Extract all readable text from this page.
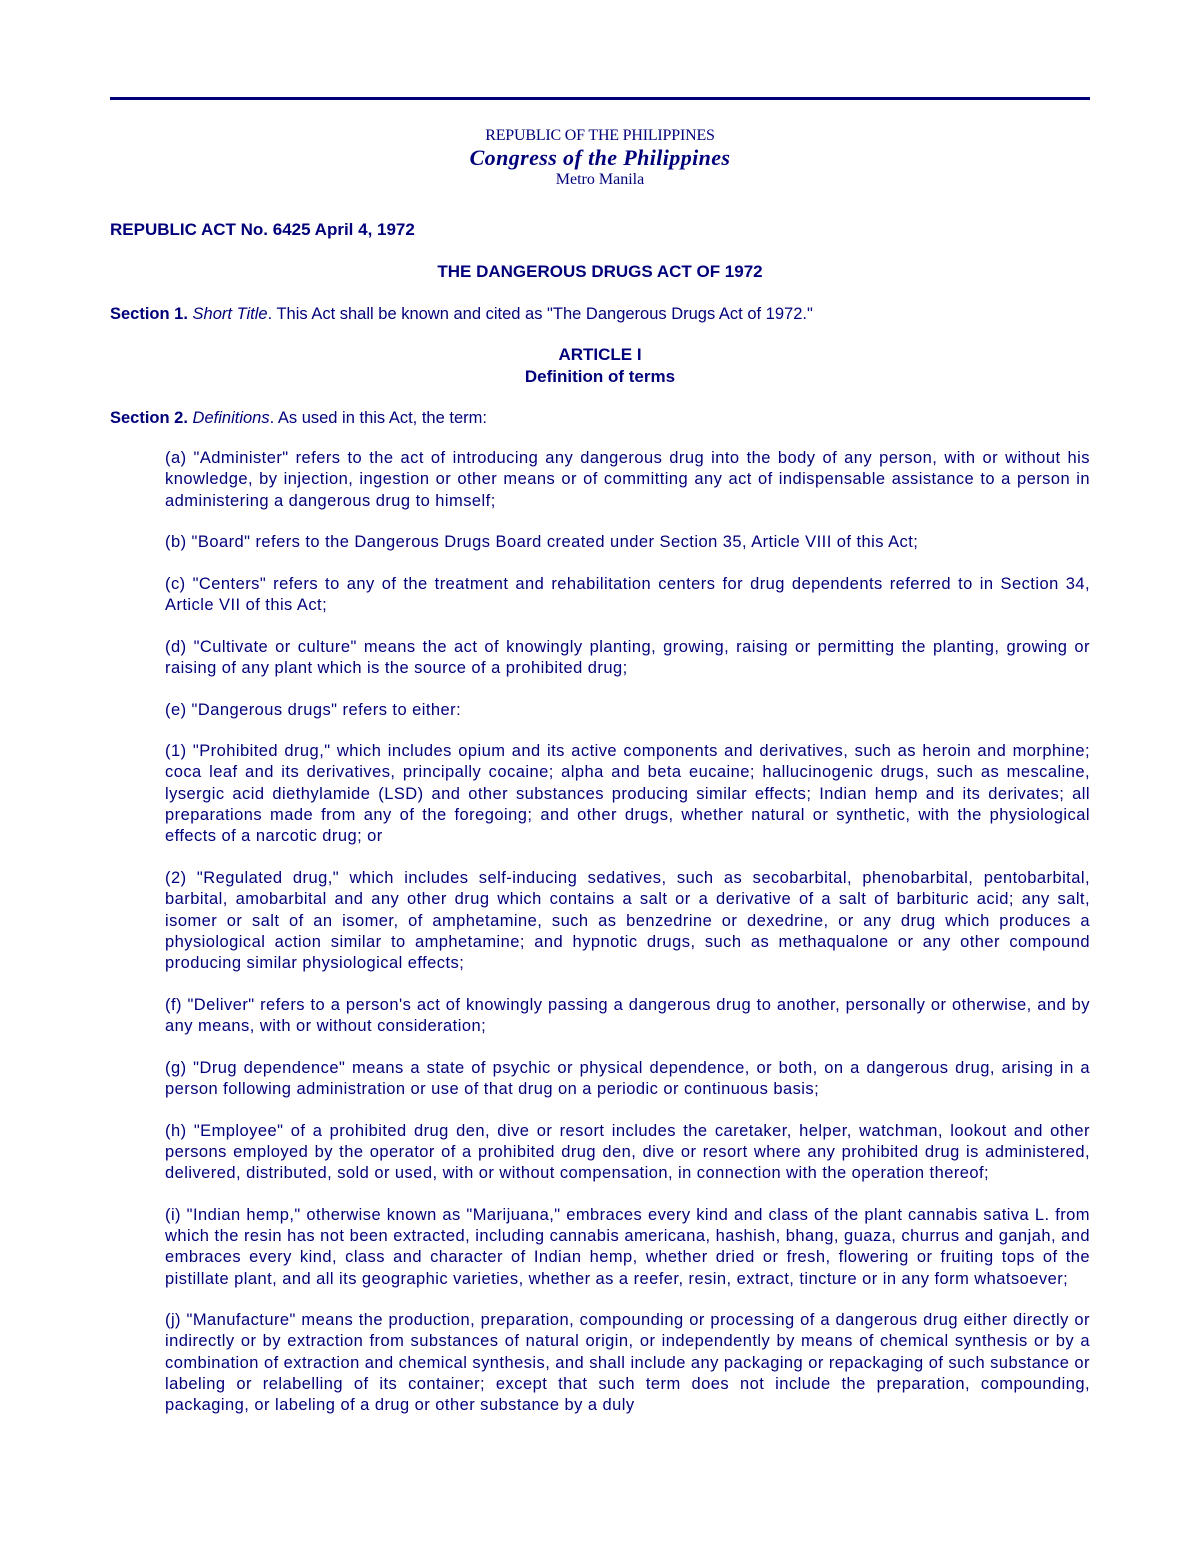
REPUBLIC OF THE PHILIPPINES
Congress of the Philippines
Metro Manila
REPUBLIC ACT No. 6425 April 4, 1972
THE DANGEROUS DRUGS ACT OF 1972
Section 1. Short Title. This Act shall be known and cited as "The Dangerous Drugs Act of 1972."
ARTICLE I
Definition of terms
Section 2. Definitions. As used in this Act, the term:

(a) "Administer" refers to the act of introducing any dangerous drug into the body of any person, with or without his knowledge, by injection, ingestion or other means or of committing any act of indispensable assistance to a person in administering a dangerous drug to himself;

(b) "Board" refers to the Dangerous Drugs Board created under Section 35, Article VIII of this Act;

(c) "Centers" refers to any of the treatment and rehabilitation centers for drug dependents referred to in Section 34, Article VII of this Act;

(d) "Cultivate or culture" means the act of knowingly planting, growing, raising or permitting the planting, growing or raising of any plant which is the source of a prohibited drug;

(e) "Dangerous drugs" refers to either:

(1) "Prohibited drug," which includes opium and its active components and derivatives, such as heroin and morphine; coca leaf and its derivatives, principally cocaine; alpha and beta eucaine; hallucinogenic drugs, such as mescaline, lysergic acid diethylamide (LSD) and other substances producing similar effects; Indian hemp and its derivates; all preparations made from any of the foregoing; and other drugs, whether natural or synthetic, with the physiological effects of a narcotic drug; or

(2) "Regulated drug," which includes self-inducing sedatives, such as secobarbital, phenobarbital, pentobarbital, barbital, amobarbital and any other drug which contains a salt or a derivative of a salt of barbituric acid; any salt, isomer or salt of an isomer, of amphetamine, such as benzedrine or dexedrine, or any drug which produces a physiological action similar to amphetamine; and hypnotic drugs, such as methaqualone or any other compound producing similar physiological effects;

(f) "Deliver" refers to a person's act of knowingly passing a dangerous drug to another, personally or otherwise, and by any means, with or without consideration;

(g) "Drug dependence" means a state of psychic or physical dependence, or both, on a dangerous drug, arising in a person following administration or use of that drug on a periodic or continuous basis;

(h) "Employee" of a prohibited drug den, dive or resort includes the caretaker, helper, watchman, lookout and other persons employed by the operator of a prohibited drug den, dive or resort where any prohibited drug is administered, delivered, distributed, sold or used, with or without compensation, in connection with the operation thereof;

(i) "Indian hemp," otherwise known as "Marijuana," embraces every kind and class of the plant cannabis sativa L. from which the resin has not been extracted, including cannabis americana, hashish, bhang, guaza, churrus and ganjah, and embraces every kind, class and character of Indian hemp, whether dried or fresh, flowering or fruiting tops of the pistillate plant, and all its geographic varieties, whether as a reefer, resin, extract, tincture or in any form whatsoever;

(j) "Manufacture" means the production, preparation, compounding or processing of a dangerous drug either directly or indirectly or by extraction from substances of natural origin, or independently by means of chemical synthesis or by a combination of extraction and chemical synthesis, and shall include any packaging or repackaging of such substance or labeling or relabelling of its container; except that such term does not include the preparation, compounding, packaging, or labeling of a drug or other substance by a duly
